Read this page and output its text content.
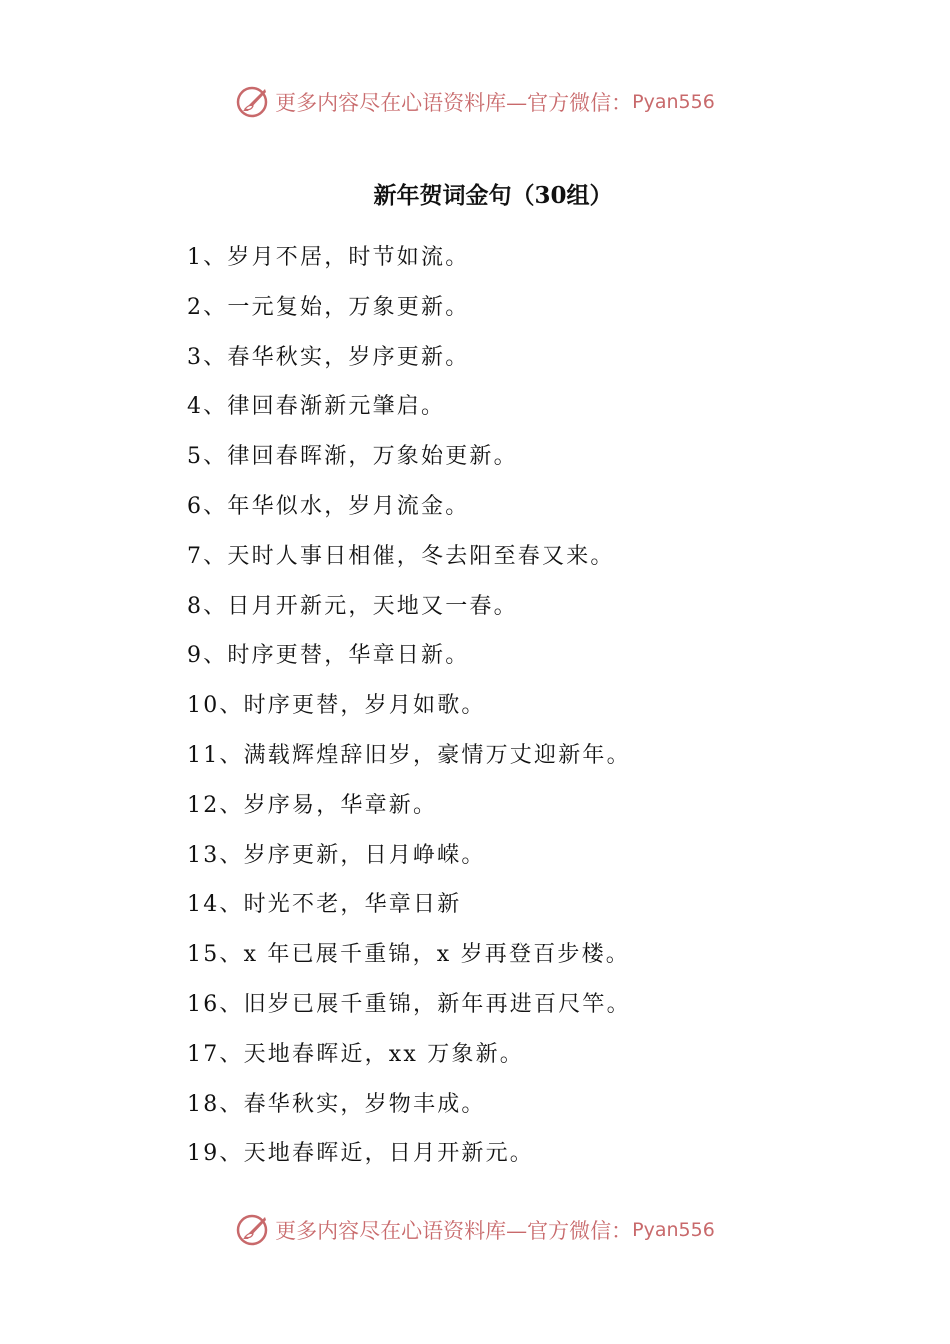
更多内容尽在心语资料库—官方微信： Pyan556
新年贺词金句（30组）
1、岁月不居，时节如流。
2、一元复始，万象更新。
3、春华秋实，岁序更新。
4、律回春渐新元肇启。
5、律回春晖渐，万象始更新。
6、年华似水，岁月流金。
7、天时人事日相催，冬去阳至春又来。
8、日月开新元，天地又一春。
9、时序更替，华章日新。
10、时序更替，岁月如歌。
11、满载辉煌辞旧岁，豪情万丈迎新年。
12、岁序易，华章新。
13、岁序更新，日月峥嵘。
14、时光不老，华章日新
15、x 年已展千重锦，x 岁再登百步楼。
16、旧岁已展千重锦，新年再进百尺竿。
17、天地春晖近，xx 万象新。
18、春华秋实，岁物丰成。
19、天地春晖近，日月开新元。
更多内容尽在心语资料库—官方微信： Pyan556
